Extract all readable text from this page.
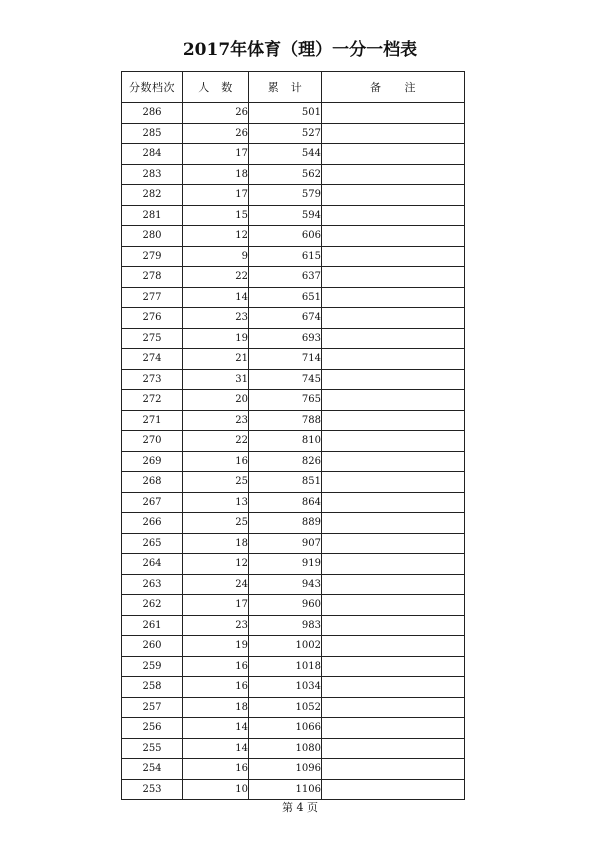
2017年体育（理）一分一档表
分数档次	人　数	累　计	备　　注
286	26	501	
285	26	527	
284	17	544	
283	18	562	
282	17	579	
281	15	594	
280	12	606	
279	9	615	
278	22	637	
277	14	651	
276	23	674	
275	19	693	
274	21	714	
273	31	745	
272	20	765	
271	23	788	
270	22	810	
269	16	826	
268	25	851	
267	13	864	
266	25	889	
265	18	907	
264	12	919	
263	24	943	
262	17	960	
261	23	983	
260	19	1002	
259	16	1018	
258	16	1034	
257	18	1052	
256	14	1066	
255	14	1080	
254	16	1096	
253	10	1106	
第 4 页
